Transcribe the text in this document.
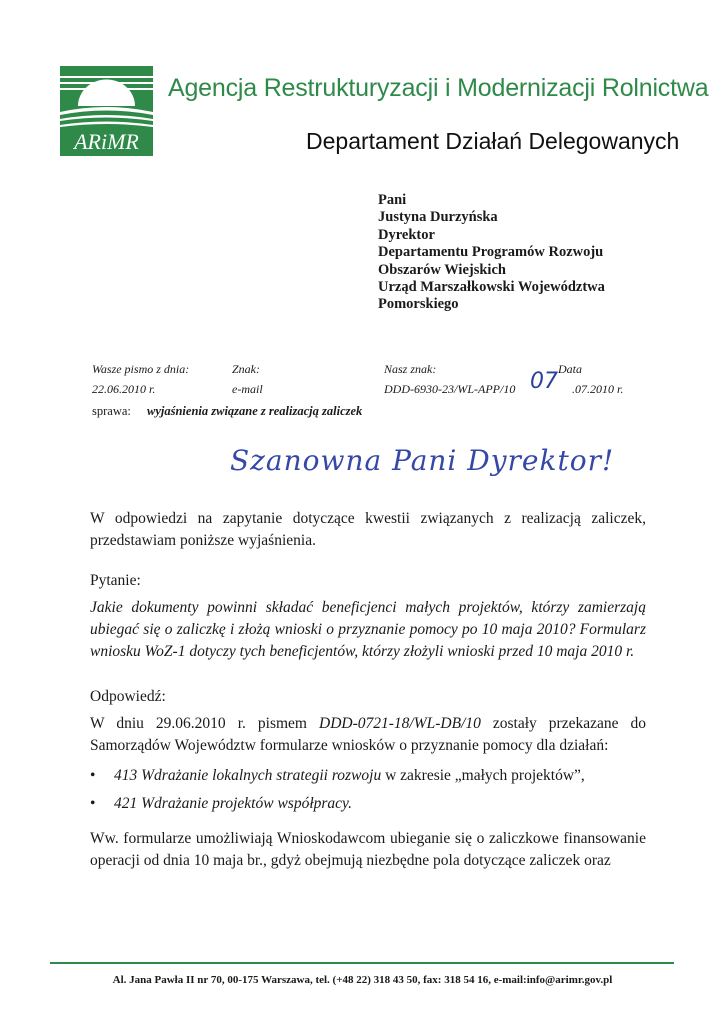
ARiMR
Agencja Restrukturyzacji i Modernizacji Rolnictwa
Departament Działań Delegowanych
Pani
Justyna Durzyńska
Dyrektor
Departamentu Programów Rozwoju
Obszarów Wiejskich
Urząd Marszałkowski Województwa
Pomorskiego
Wasze pismo z dnia:
22.06.2010 r.
Znak:
e-mail
Nasz znak:
DDD-6930-23/WL-APP/10
Data
07 .07.2010 r.
sprawa: wyjaśnienia związane z realizacją zaliczek
Szanowna Pani Dyrektor!
W odpowiedzi na zapytanie dotyczące kwestii związanych z realizacją zaliczek, przedstawiam poniższe wyjaśnienia.
Pytanie:
Jakie dokumenty powinni składać beneficjenci małych projektów, którzy zamierzają ubiegać się o zaliczkę i złożą wnioski o przyznanie pomocy po 10 maja 2010? Formularz wniosku WoZ-1 dotyczy tych beneficjentów, którzy złożyli wnioski przed 10 maja 2010 r.
Odpowiedź:
W dniu 29.06.2010 r. pismem DDD-0721-18/WL-DB/10 zostały przekazane do Samorządów Województw formularze wniosków o przyznanie pomocy dla działań:
• 413 Wdrażanie lokalnych strategii rozwoju w zakresie „małych projektów”,
• 421 Wdrażanie projektów współpracy.
Ww. formularze umożliwiają Wnioskodawcom ubieganie się o zaliczkowe finansowanie operacji od dnia 10 maja br., gdyż obejmują niezbędne pola dotyczące zaliczek oraz
Al. Jana Pawła II nr 70, 00-175 Warszawa, tel. (+48 22) 318 43 50, fax: 318 54 16, e-mail:info@arimr.gov.pl
